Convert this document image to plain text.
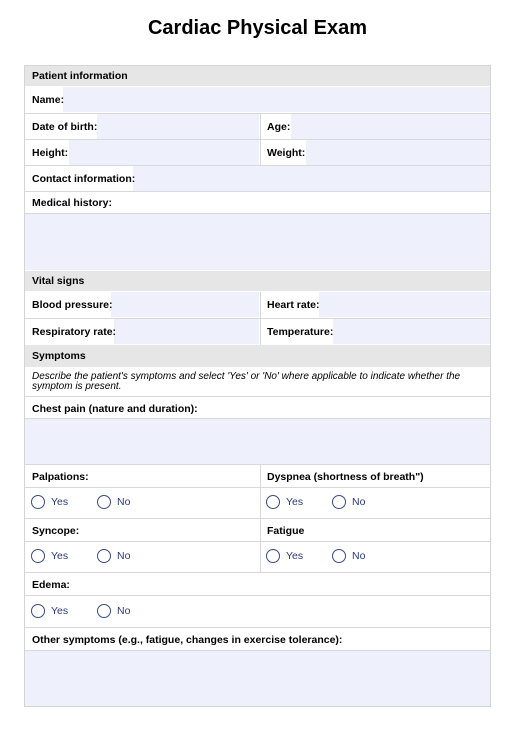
Cardiac Physical Exam
Patient information
Name:
Date of birth:	Age:
Height:	Weight:
Contact information:
Medical history:
Vital signs
Blood pressure:	Heart rate:
Respiratory rate:	Temperature:
Symptoms
Describe the patient's symptoms and select 'Yes' or 'No' where applicable to indicate whether the symptom is present.
Chest pain (nature and duration):
Palpations:	Dyspnea (shortness of breath")
Yes	No	Yes	No
Syncope:	Fatigue
Yes	No	Yes	No
Edema:
Yes	No
Other symptoms (e.g., fatigue, changes in exercise tolerance):
